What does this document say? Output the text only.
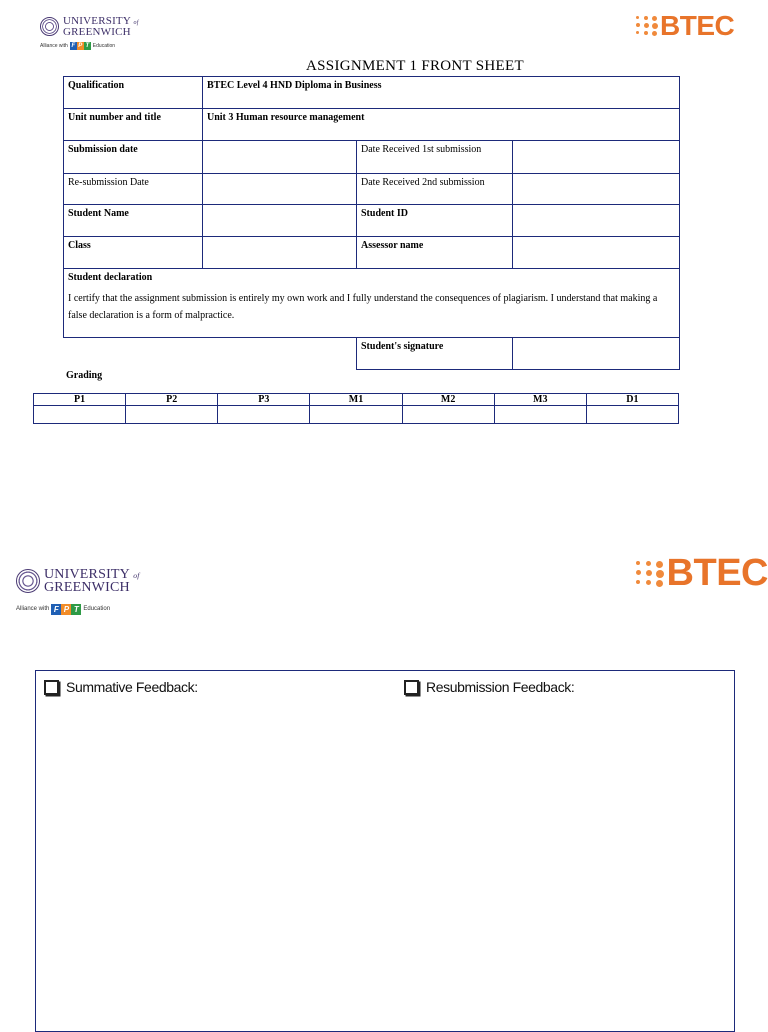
UNIVERSITY of
GREENWICH
Alliance with F P T Education
BTEC
ASSIGNMENT 1 FRONT SHEET
Qualification	BTEC Level 4 HND Diploma in Business		
Unit number and title	Unit 3 Human resource management		
Submission date		Date Received 1st submission	
Re-submission Date		Date Received 2nd submission	
Student Name		Student ID	
Class		Assessor name	

Student declaration
I certify that the assignment submission is entirely my own work and I fully understand the consequences of plagiarism. I understand that making a false declaration is a form of malpractice.			

		Student's signature	
Grading
P1	P2	P3	M1	M2	M3	D1

UNIVERSITY of
GREENWICH
Alliance with F P T Education
BTEC
Summative Feedback:	Resubmission Feedback:
